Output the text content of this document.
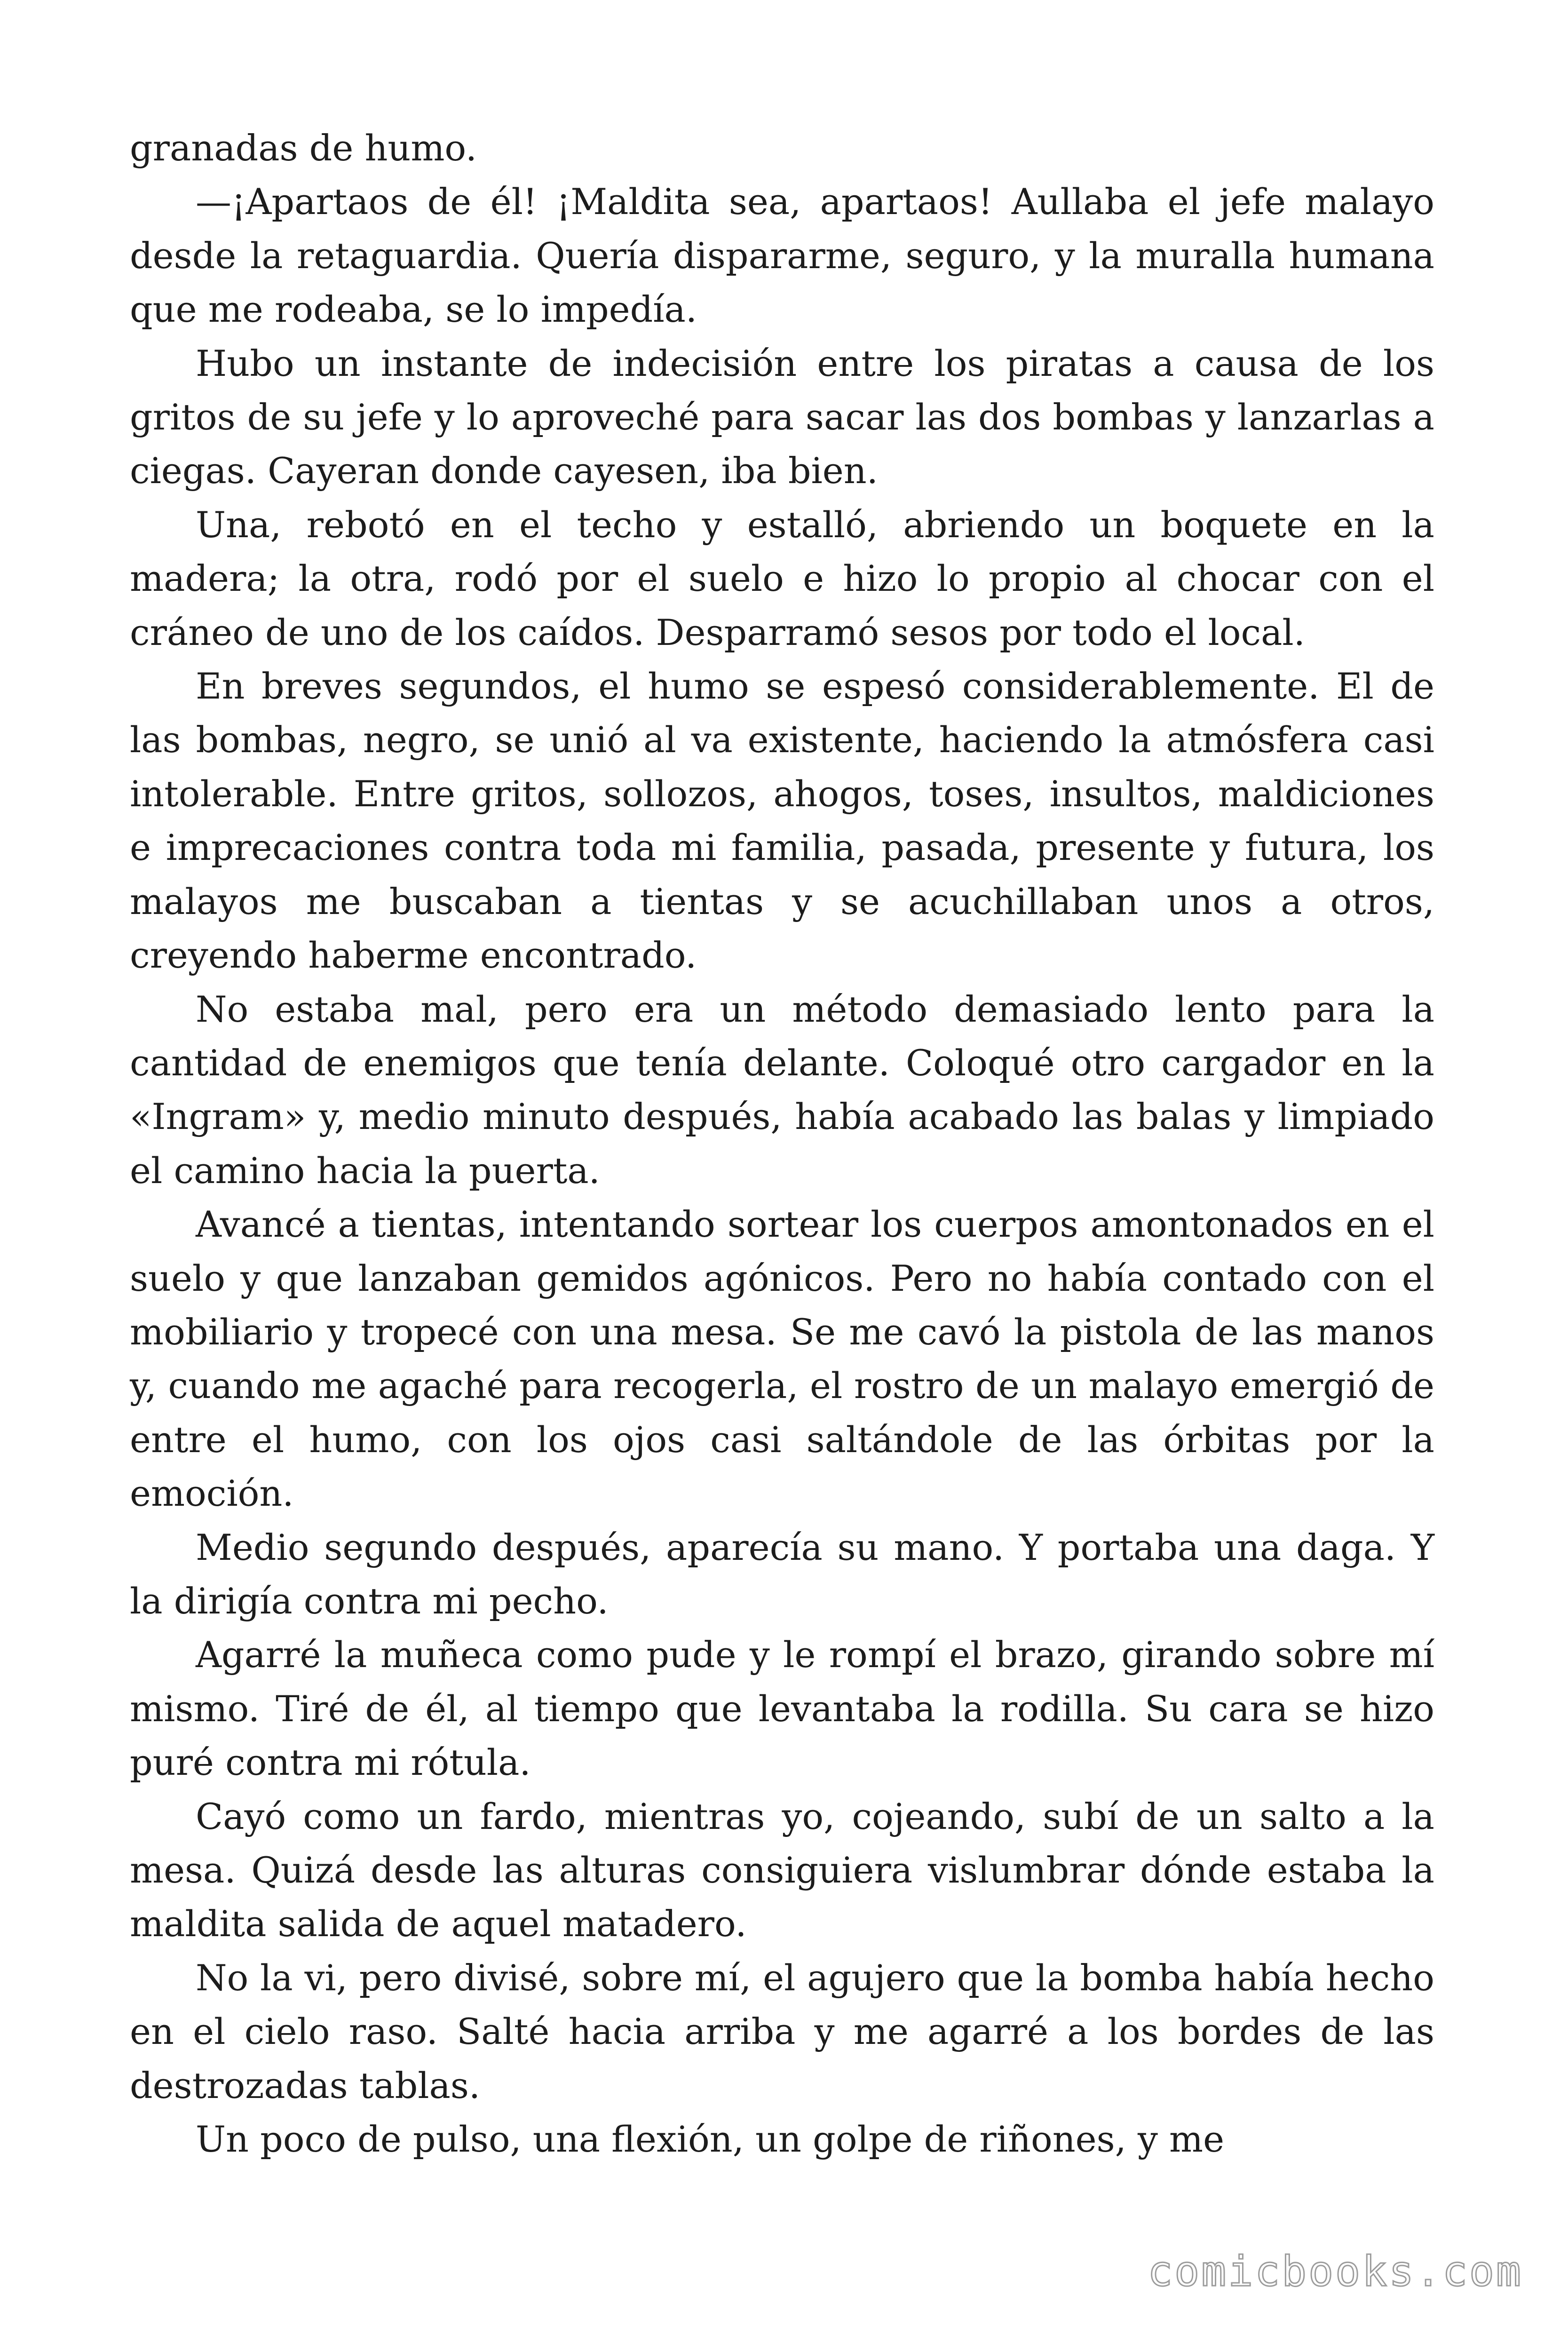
granadas de humo.

—¡Apartaos de él! ¡Maldita sea, apartaos! Aullaba el jefe malayo desde la retaguardia. Quería dispararme, seguro, y la muralla humana que me rodeaba, se lo impedía.

Hubo un instante de indecisión entre los piratas a causa de los gritos de su jefe y lo aproveché para sacar las dos bombas y lanzarlas a ciegas. Cayeran donde cayesen, iba bien.

Una, rebotó en el techo y estalló, abriendo un boquete en la madera; la otra, rodó por el suelo e hizo lo propio al chocar con el cráneo de uno de los caídos. Desparramó sesos por todo el local.

En breves segundos, el humo se espesó considerablemente. El de las bombas, negro, se unió al va existente, haciendo la atmósfera casi intolerable. Entre gritos, sollozos, ahogos, toses, insultos, maldiciones e imprecaciones contra toda mi familia, pasada, presente y futura, los malayos me buscaban a tientas y se acuchillaban unos a otros, creyendo haberme encontrado.

No estaba mal, pero era un método demasiado lento para la cantidad de enemigos que tenía delante. Coloqué otro cargador en la «Ingram» y, medio minuto después, había acabado las balas y limpiado el camino hacia la puerta.

Avancé a tientas, intentando sortear los cuerpos amontonados en el suelo y que lanzaban gemidos agónicos. Pero no había contado con el mobiliario y tropecé con una mesa. Se me cavó la pistola de las manos y, cuando me agaché para recogerla, el rostro de un malayo emergió de entre el humo, con los ojos casi saltándole de las órbitas por la emoción.

Medio segundo después, aparecía su mano. Y portaba una daga. Y la dirigía contra mi pecho.

Agarré la muñeca como pude y le rompí el brazo, girando sobre mí mismo. Tiré de él, al tiempo que levantaba la rodilla. Su cara se hizo puré contra mi rótula.

Cayó como un fardo, mientras yo, cojeando, subí de un salto a la mesa. Quizá desde las alturas consiguiera vislumbrar dónde estaba la maldita salida de aquel matadero.

No la vi, pero divisé, sobre mí, el agujero que la bomba había hecho en el cielo raso. Salté hacia arriba y me agarré a los bordes de las destrozadas tablas.

Un poco de pulso, una flexión, un golpe de riñones, y me

comicbooks.com
